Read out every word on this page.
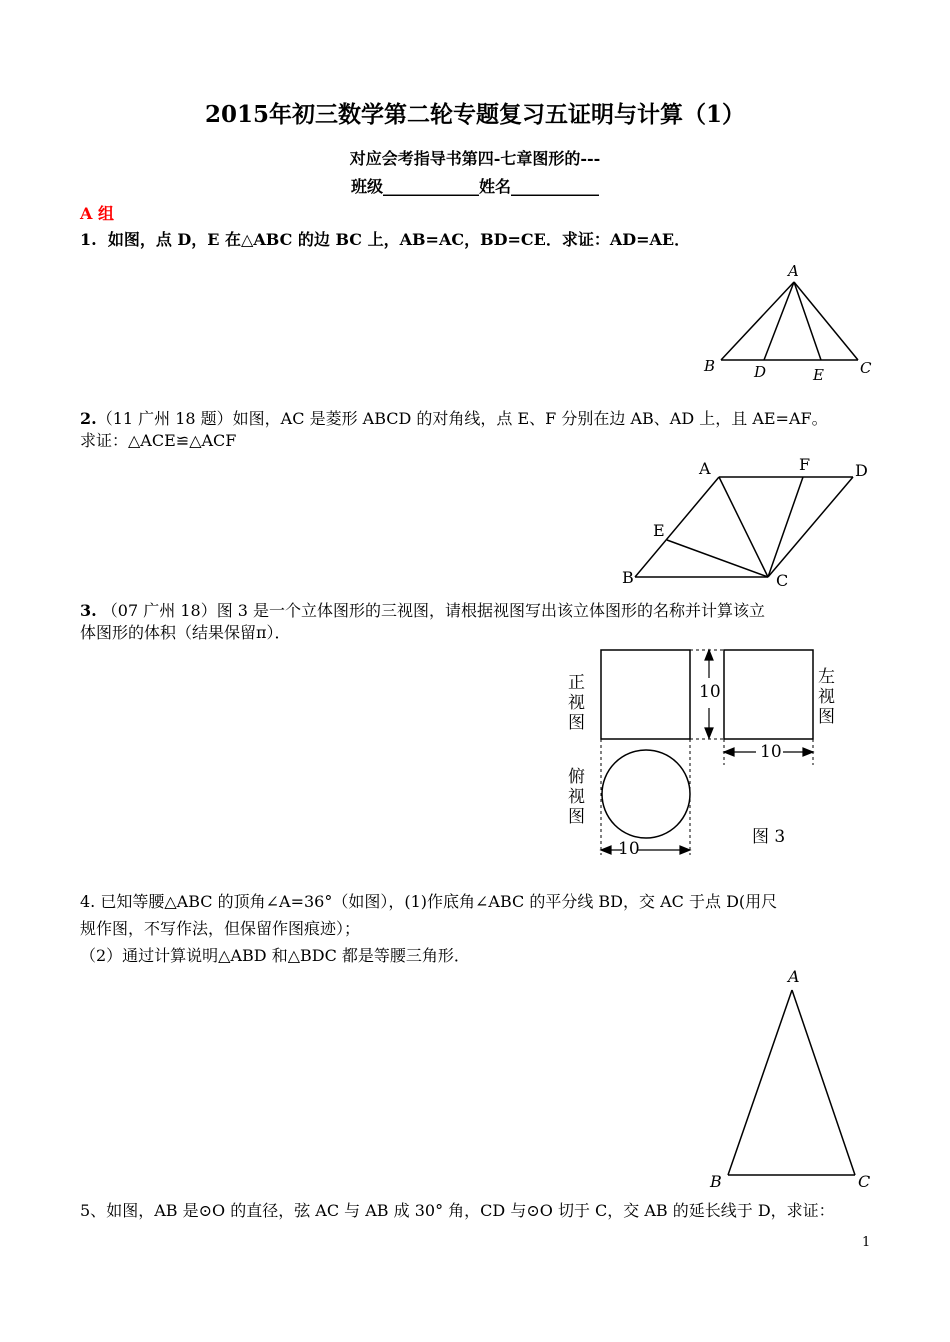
2015年初三数学第二轮专题复习五证明与计算（1）
对应会考指导书第四-七章图形的---
班级____________姓名___________
A 组
1. 如图，点 D，E 在△ABC 的边 BC 上，AB=AC，BD=CE．求证：AD=AE．
A
B	D	E C
2.（11 广州 18 题）如图，AC 是菱形 ABCD 的对角线，点 E、F 分别在边 AB、AD 上，且 AE=AF。
求证：△ACE≌△ACF
A	F	D
E
B	C
3. （07 广州 18）图 3 是一个立体图形的三视图，请根据视图写出该立体图形的名称并计算该立
体图形的体积（结果保留π）．
10
10
10
图 3
正
视
图
左
视
图
俯
视
图
4. 已知等腰△ABC 的顶角∠A=36°（如图），(1)作底角∠ABC 的平分线 BD，交 AC 于点 D(用尺
规作图，不写作法，但保留作图痕迹）；
（2）通过计算说明△ABD 和△BDC 都是等腰三角形．
A
B	C
5、如图，AB 是⊙O 的直径，弦 AC 与 AB 成 30° 角，CD 与⊙O 切于 C，交 AB 的延长线于 D，求证：
1
